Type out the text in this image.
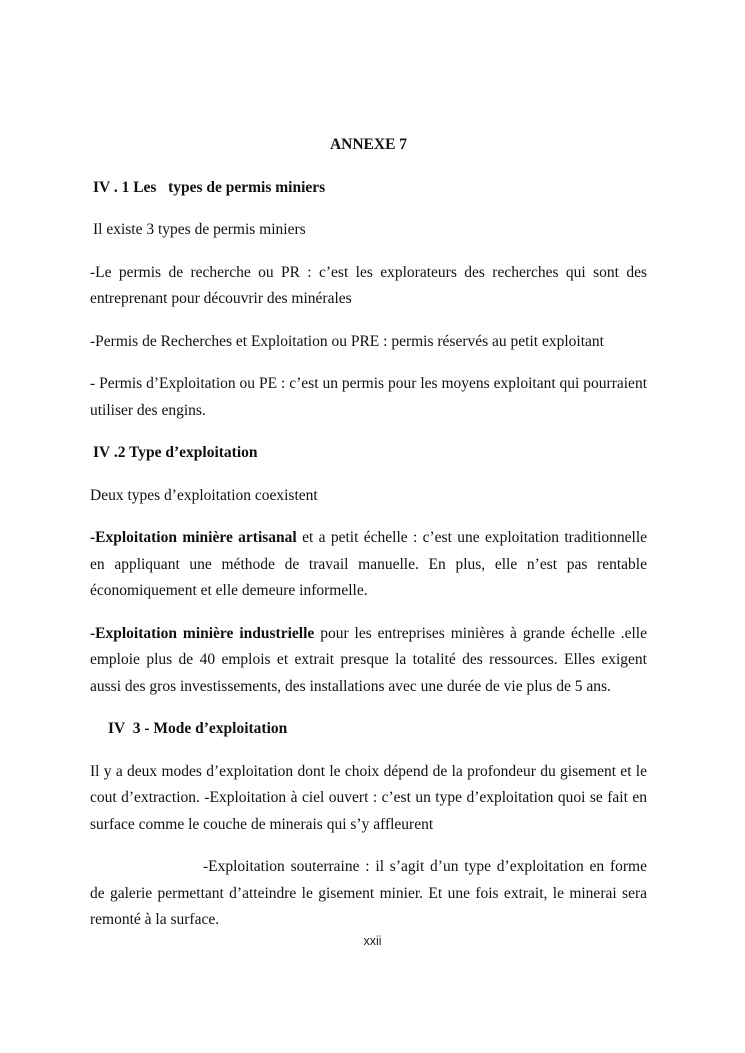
ANNEXE 7
IV . 1 Les   types de permis miniers

Il existe 3 types de permis miniers

-Le permis de recherche ou PR : c’est les explorateurs des recherches qui sont des entreprenant pour découvrir des minérales

-Permis de Recherches et Exploitation ou PRE : permis réservés au petit exploitant

- Permis d’Exploitation ou PE : c’est un permis pour les moyens exploitant qui pourraient utiliser des engins.

IV .2 Type d’exploitation

Deux types d’exploitation coexistent

-Exploitation minière artisanal et a petit échelle : c’est une exploitation traditionnelle en appliquant une méthode de travail manuelle. En plus, elle n’est pas rentable économiquement et elle demeure informelle.

-Exploitation minière industrielle pour les entreprises minières à grande échelle .elle emploie plus de 40 emplois et extrait presque la totalité des ressources. Elles exigent aussi des gros investissements, des installations avec une durée de vie plus de 5 ans.

IV  3 - Mode d’exploitation

Il y a deux modes d’exploitation dont le choix dépend de la profondeur du gisement et le cout d’extraction. -Exploitation à ciel ouvert : c’est un type d’exploitation quoi se fait en surface comme le couche de minerais qui s’y affleurent

-Exploitation souterraine : il s’agit d’un type d’exploitation en forme de galerie permettant d’atteindre le gisement minier. Et une fois extrait, le minerai sera remonté à la surface.

xxii
